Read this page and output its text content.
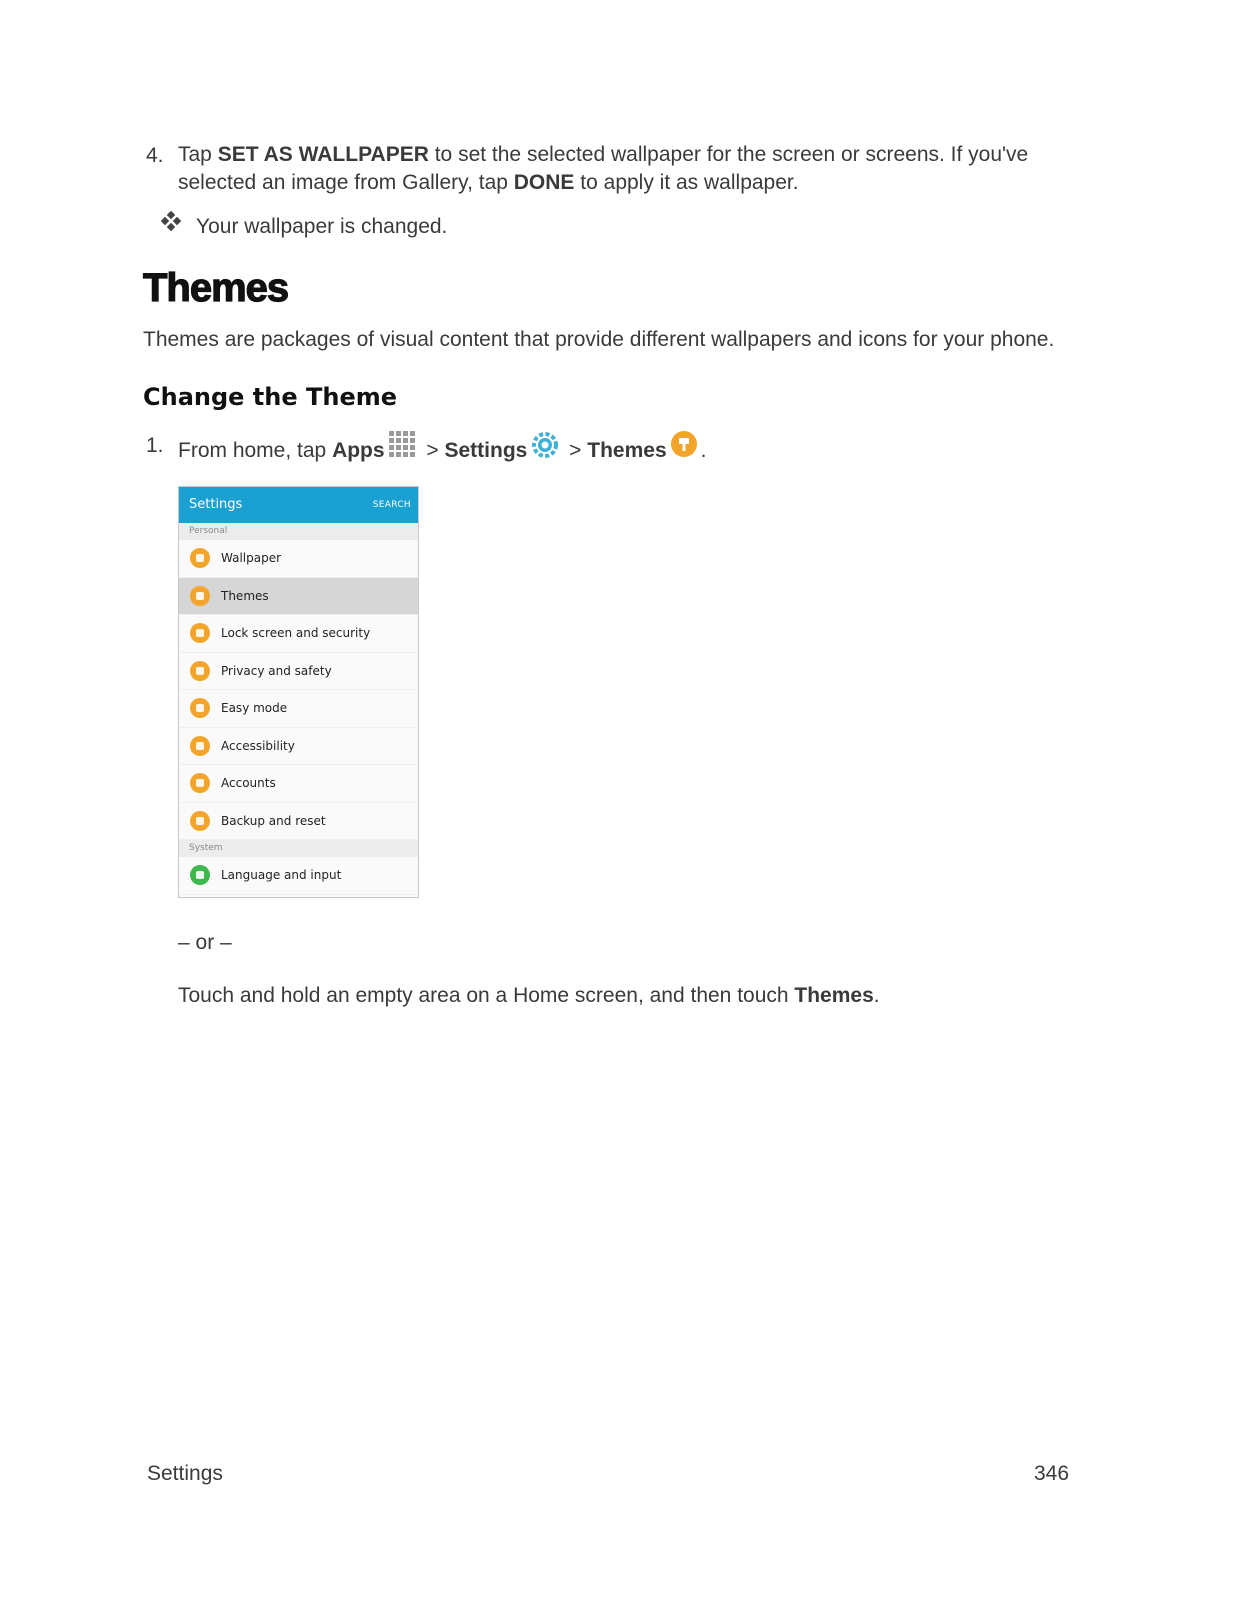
4. Tap SET AS WALLPAPER to set the selected wallpaper for the screen or screens. If you've
selected an image from Gallery, tap DONE to apply it as wallpaper.
Your wallpaper is changed.
Themes
Themes are packages of visual content that provide different wallpapers and icons for your phone.
Change the Theme
1. From home, tap Apps > Settings > Themes .
Settings	SEARCH
Personal
Wallpaper
Themes
Lock screen and security
Privacy and safety
Easy mode
Accessibility
Accounts
Backup and reset
System
Language and input
– or –
Touch and hold an empty area on a Home screen, and then touch Themes.
Settings	346
